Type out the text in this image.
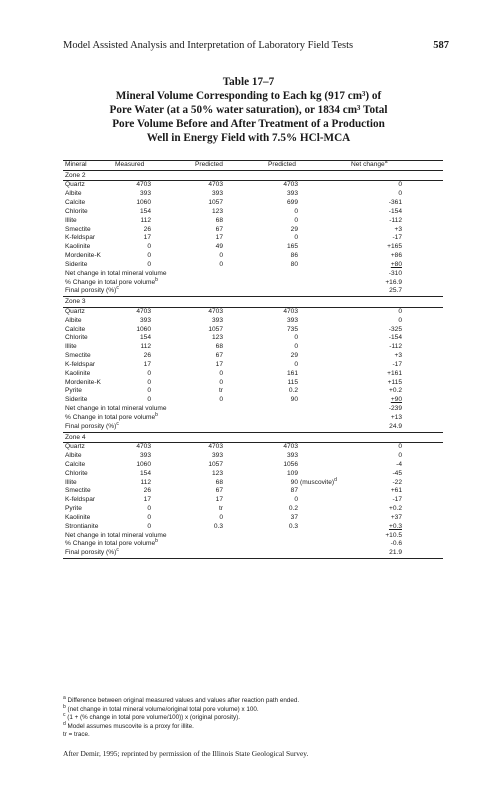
Model Assisted Analysis and Interpretation of Laboratory Field Tests	587
Table 17–7
Mineral Volume Corresponding to Each kg (917 cm³) of
Pore Water (at a 50% water saturation), or 1834 cm³ Total
Pore Volume Before and After Treatment of a Production
Well in Energy Field with 7.5% HCl-MCA
Mineral	Measured	Predicted	Predicted	Net change$^a$
Zone 2
Quartz	4703	4703	4703	0
Albite	393	393	393	0
Calcite	1060	1057	699	-361
Chlorite	154	123	0	-154
Illite	112	68	0	-112
Smectite	26	67	29	+3
K-feldspar	17	17	0	-17
Kaolinite	0	49	165	+165
Mordenite-K	0	0	86	+86
Siderite	0	0	80	+80
Net change in total mineral volume	-310
% Change in total pore volume$^b$	+16.9
Final porosity (%)$^c$	25.7
Zone 3
Quartz	4703	4703	4703	0
Albite	393	393	393	0
Calcite	1060	1057	735	-325
Chlorite	154	123	0	-154
Illite	112	68	0	-112
Smectite	26	67	29	+3
K-feldspar	17	17	0	-17
Kaolinite	0	0	161	+161
Mordenite-K	0	0	115	+115
Pyrite	0	tr	0.2	+0.2
Siderite	0	0	90	+90
Net change in total mineral volume	-239
% Change in total pore volume$^b$	+13
Final porosity (%)$^c$	24.9
Zone 4
Quartz	4703	4703	4703	0
Albite	393	393	393	0
Calcite	1060	1057	1056	-4
Chlorite	154	123	109	-45
Illite	112	68	90 (muscovite)$^d$	-22
Smectite	26	67	87	+61
K-feldspar	17	17	0	-17
Pyrite	0	tr	0.2	+0.2
Kaolinite	0	0	37	+37
Strontianite	0	0.3	0.3	+0.3
Net change in total mineral volume	+10.5
% Change in total pore volume$^b$	-0.6
Final porosity (%)$^c$	21.9
$^a$ Difference between original measured values and values after reaction path ended.
$^b$ (net change in total mineral volume/original total pore volume) x 100.
$^c$ (1 + (% change in total pore volume/100)) x (original porosity).
$^d$ Model assumes muscovite is a proxy for illite.
tr = trace.
After Demir, 1995; reprinted by permission of the Illinois State Geological Survey.
